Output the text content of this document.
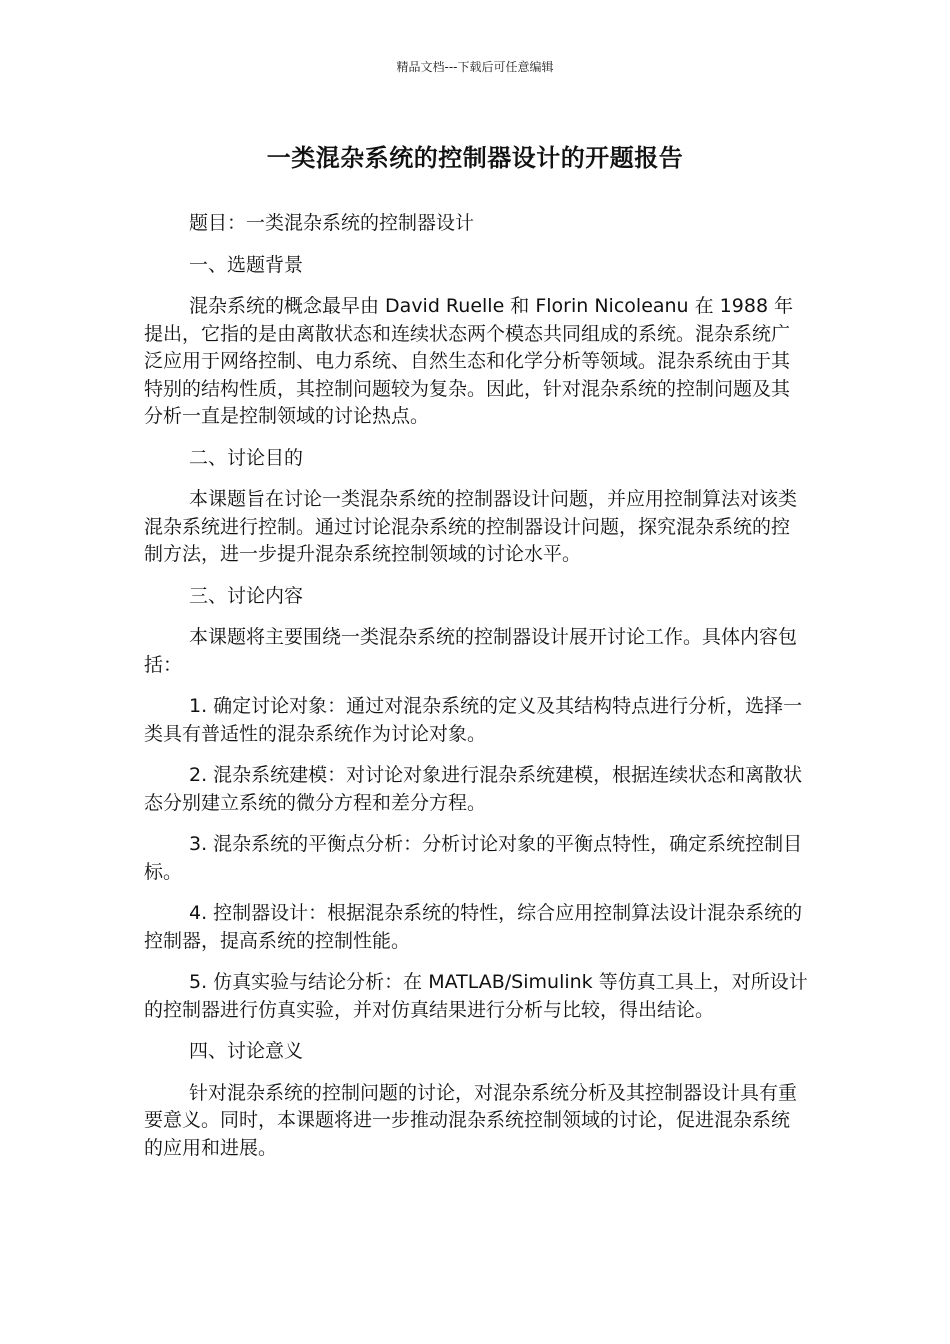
精品文档---下载后可任意编辑
一类混杂系统的控制器设计的开题报告

题目：一类混杂系统的控制器设计

一、选题背景

混杂系统的概念最早由 David Ruelle 和 Florin Nicoleanu 在 1988 年提出，它指的是由离散状态和连续状态两个模态共同组成的系统。混杂系统广泛应用于网络控制、电力系统、自然生态和化学分析等领域。混杂系统由于其特别的结构性质，其控制问题较为复杂。因此，针对混杂系统的控制问题及其分析一直是控制领域的讨论热点。

二、讨论目的

本课题旨在讨论一类混杂系统的控制器设计问题，并应用控制算法对该类混杂系统进行控制。通过讨论混杂系统的控制器设计问题，探究混杂系统的控制方法，进一步提升混杂系统控制领域的讨论水平。

三、讨论内容

本课题将主要围绕一类混杂系统的控制器设计展开讨论工作。具体内容包括：

1. 确定讨论对象：通过对混杂系统的定义及其结构特点进行分析，选择一类具有普适性的混杂系统作为讨论对象。

2. 混杂系统建模：对讨论对象进行混杂系统建模，根据连续状态和离散状态分别建立系统的微分方程和差分方程。

3. 混杂系统的平衡点分析：分析讨论对象的平衡点特性，确定系统控制目标。

4. 控制器设计：根据混杂系统的特性，综合应用控制算法设计混杂系统的控制器，提高系统的控制性能。

5. 仿真实验与结论分析：在 MATLAB/Simulink 等仿真工具上，对所设计的控制器进行仿真实验，并对仿真结果进行分析与比较，得出结论。

四、讨论意义

针对混杂系统的控制问题的讨论，对混杂系统分析及其控制器设计具有重要意义。同时，本课题将进一步推动混杂系统控制领域的讨论，促进混杂系统的应用和进展。
